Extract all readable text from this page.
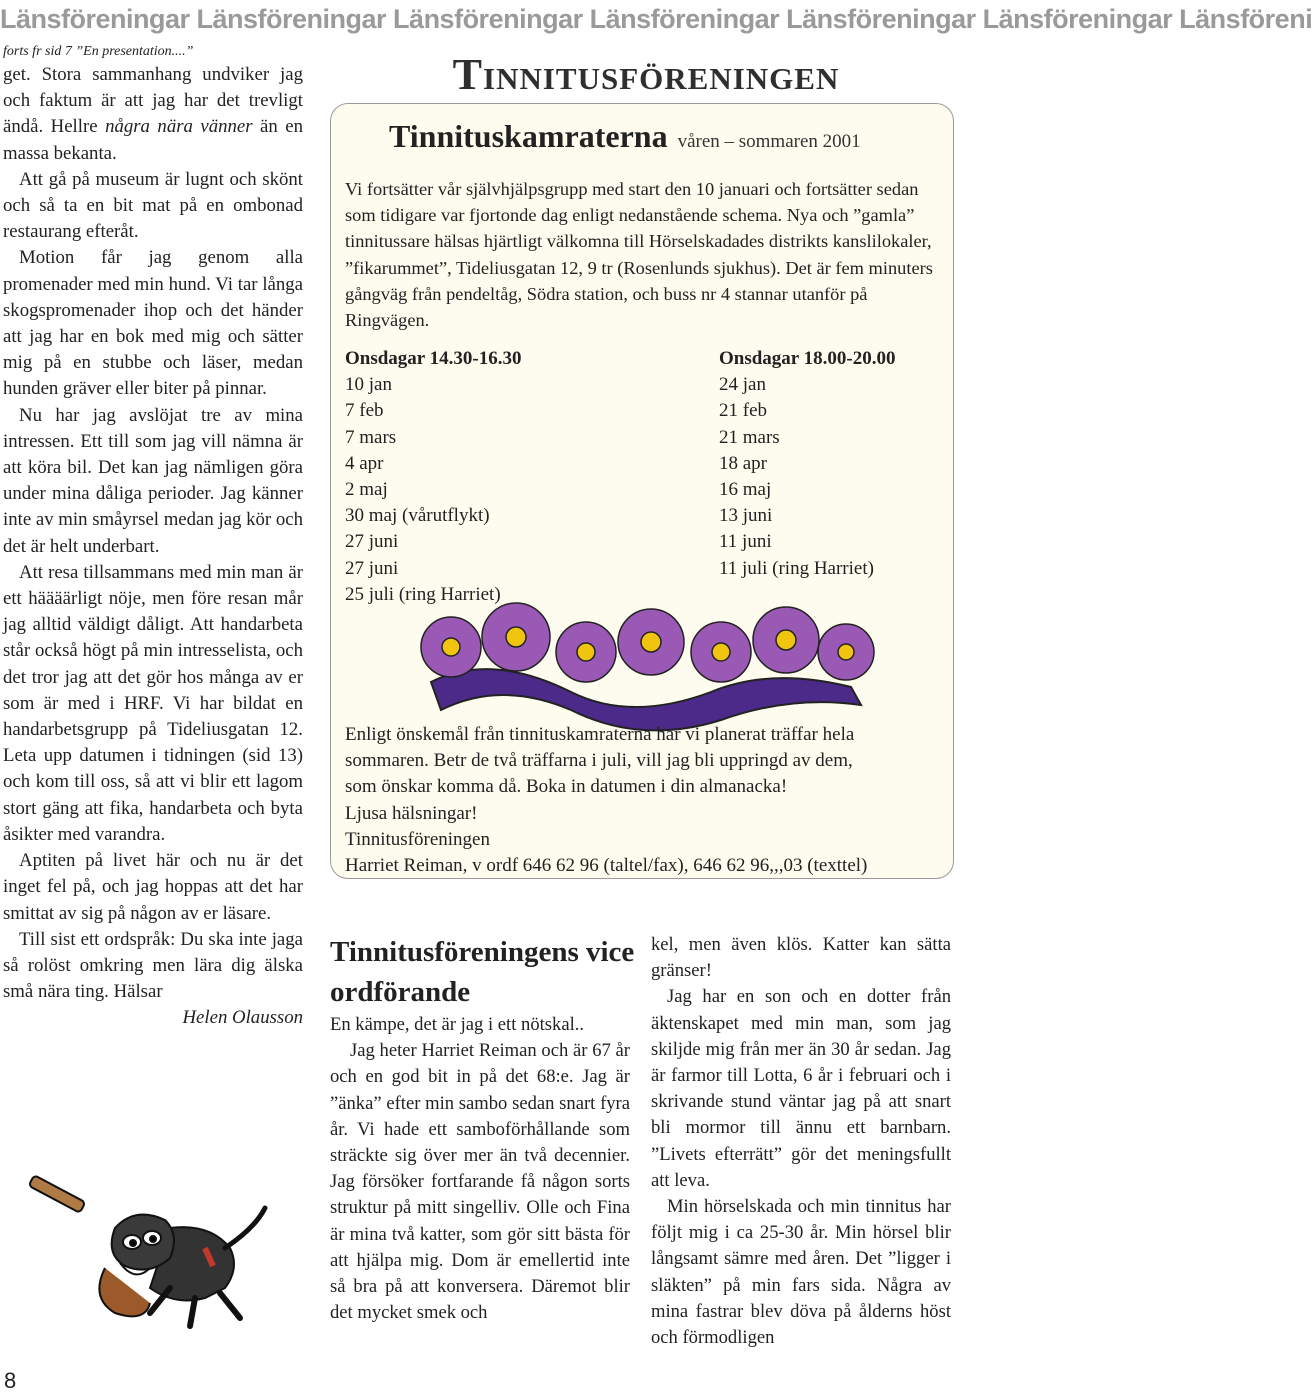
Länsföreningar Länsföreningar Länsföreningar Länsföreningar Länsföreningar Länsföreningar Länsföreni

forts fr sid 7 ”En presentation....”

get. Stora sammanhang undviker jag och faktum är att jag har det trevligt ändå. Hellre några nära vänner än en massa bekanta.

Att gå på museum är lugnt och skönt och så ta en bit mat på en ombonad restaurang efteråt.

Motion får jag genom alla promenader med min hund. Vi tar långa skogspromenader ihop och det händer att jag har en bok med mig och sätter mig på en stubbe och läser, medan hunden gräver eller biter på pinnar.

Nu har jag avslöjat tre av mina intressen. Ett till som jag vill nämna är att köra bil. Det kan jag nämligen göra under mina dåliga perioder. Jag känner inte av min småyrsel medan jag kör och det är helt underbart.

Att resa tillsammans med min man är ett häääärligt nöje, men före resan mår jag alltid väldigt dåligt. Att handarbeta står också högt på min intresselista, och det tror jag att det gör hos många av er som är med i HRF. Vi har bildat en handarbetsgrupp på Tideliusgatan 12. Leta upp datumen i tidningen (sid 13) och kom till oss, så att vi blir ett lagom stort gäng att fika, handarbeta och byta åsikter med varandra.

Aptiten på livet här och nu är det inget fel på, och jag hoppas att det har smittat av sig på någon av er läsare.

Till sist ett ordspråk: Du ska inte jaga så rolöst omkring men lära dig älska små nära ting. Hälsar

Helen Olausson

8
Tinnitusföreningen
Tinnituskamraterna våren – sommaren 2001

Vi fortsätter vår självhjälpsgrupp med start den 10 januari och fortsätter sedan som tidigare var fjortonde dag enligt nedanstående schema. Nya och ”gamla” tinnitussare hälsas hjärtligt välkomna till Hörselskadades distrikts kanslilokaler, ”fikarummet”, Tideliusgatan 12, 9 tr (Rosenlunds sjukhus). Det är fem minuters gångväg från pendeltåg, Södra station, och buss nr 4 stannar utanför på Ringvägen.

Onsdagar 14.30-16.30
10 jan
7 feb
7 mars
4 apr
2 maj
30 maj (vårutflykt)
27 juni
27 juni
25 juli (ring Harriet)
Onsdagar 18.00-20.00
24 jan
21 feb
21 mars
18 apr
16 maj
13 juni
11 juni
11 juli (ring Harriet)
Enligt önskemål från tinnituskamraterna har vi planerat träffar hela
sommaren. Betr de två träffarna i juli, vill jag bli uppringd av dem,
som önskar komma då. Boka in datumen i din almanacka!
Ljusa hälsningar!
Tinnitusföreningen
Harriet Reiman, v ordf 646 62 96 (taltel/fax), 646 62 96,,,03 (texttel)
Tinnitusföreningens vice ordförande

En kämpe, det är jag i ett nötskal..

Jag heter Harriet Reiman och är 67 år och en god bit in på det 68:e. Jag är ”änka” efter min sambo sedan snart fyra år. Vi hade ett samboförhållande som sträckte sig över mer än två decennier. Jag försöker fortfarande få någon sorts struktur på mitt singelliv. Olle och Fina är mina två katter, som gör sitt bästa för att hjälpa mig. Dom är emellertid inte så bra på att konversera. Däremot blir det mycket smek och

kel, men även klös. Katter kan sätta gränser!

Jag har en son och en dotter från äktenskapet med min man, som jag skiljde mig från mer än 30 år sedan. Jag är farmor till Lotta, 6 år i februari och i skrivande stund väntar jag på att snart bli mormor till ännu ett barnbarn. ”Livets efterrätt” gör det meningsfullt att leva.

Min hörselskada och min tinnitus har följt mig i ca 25-30 år. Min hörsel blir långsamt sämre med åren. Det ”ligger i släkten” på min fars sida. Några av mina fastrar blev döva på ålderns höst och förmodligen
